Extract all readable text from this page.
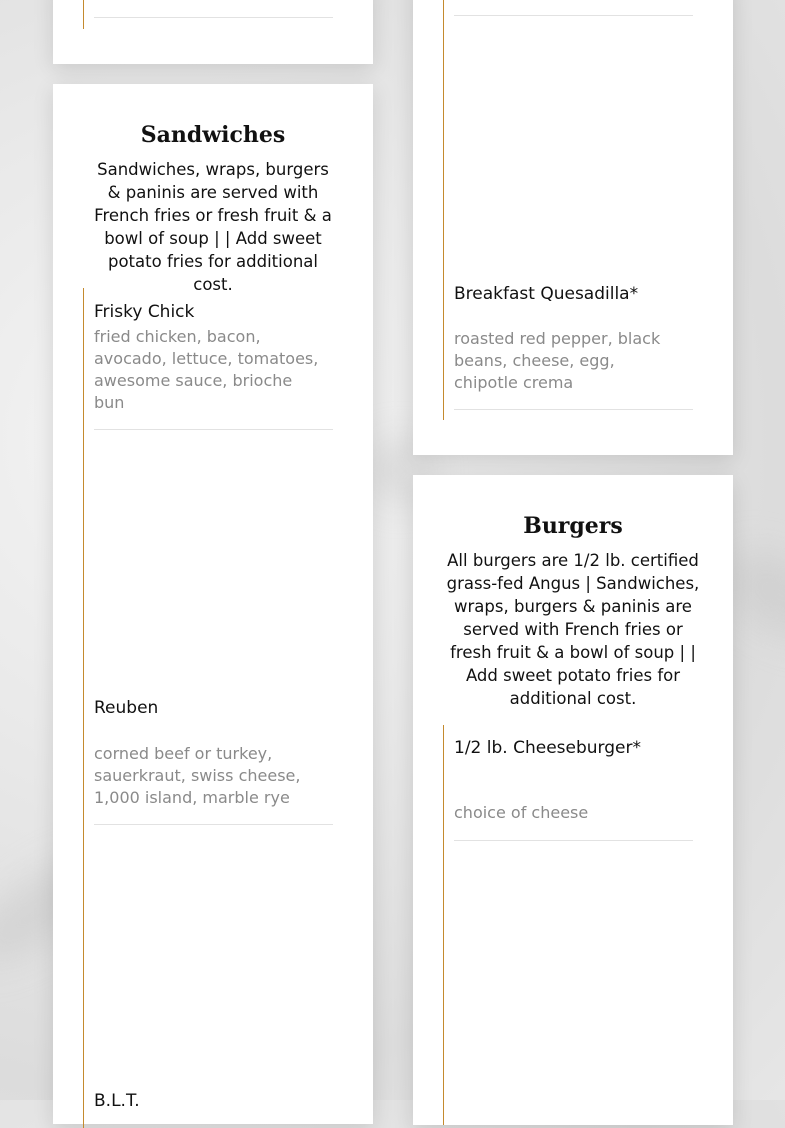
Sandwiches
Sandwiches, wraps, burgers & paninis are served with French fries or fresh fruit & a bowl of soup | | Add sweet potato fries for additional cost.
Frisky Chick
fried chicken, bacon, avocado, lettuce, tomatoes, awesome sauce, brioche bun
Reuben
corned beef or turkey, sauerkraut, swiss cheese, 1,000 island, marble rye
B.L.T.
Breakfast Quesadilla*
roasted red pepper, black beans, cheese, egg, chipotle crema
Burgers
All burgers are 1/2 lb. certified grass-fed Angus | Sandwiches, wraps, burgers & paninis are served with French fries or fresh fruit & a bowl of soup | | Add sweet potato fries for additional cost.
1/2 lb. Cheeseburger*
choice of cheese
